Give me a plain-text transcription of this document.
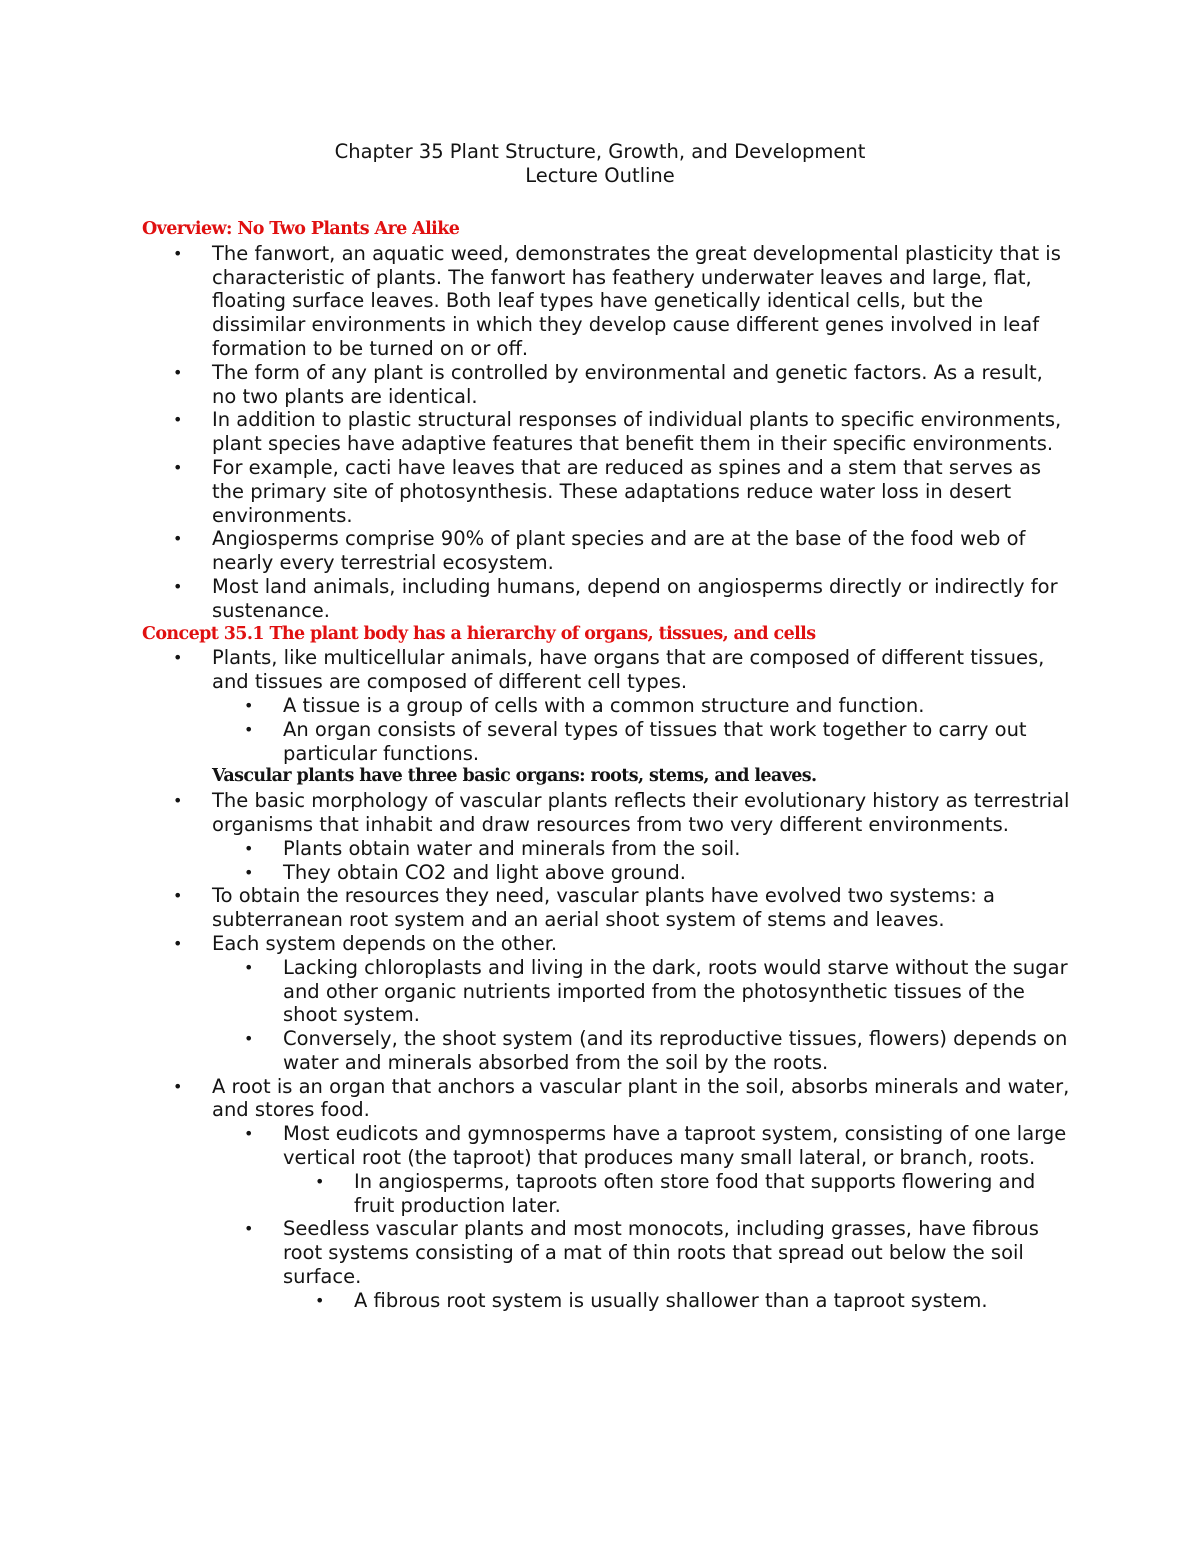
Chapter 35 Plant Structure, Growth, and Development
Lecture Outline
Overview: No Two Plants Are Alike
• The fanwort, an aquatic weed, demonstrates the great developmental plasticity that is characteristic of plants. The fanwort has feathery underwater leaves and large, flat, floating surface leaves. Both leaf types have genetically identical cells, but the dissimilar environments in which they develop cause different genes involved in leaf formation to be turned on or off.
• The form of any plant is controlled by environmental and genetic factors. As a result, no two plants are identical.
• In addition to plastic structural responses of individual plants to specific environments, plant species have adaptive features that benefit them in their specific environments.
• For example, cacti have leaves that are reduced as spines and a stem that serves as the primary site of photosynthesis. These adaptations reduce water loss in desert environments.
• Angiosperms comprise 90% of plant species and are at the base of the food web of nearly every terrestrial ecosystem.
• Most land animals, including humans, depend on angiosperms directly or indirectly for sustenance.
Concept 35.1 The plant body has a hierarchy of organs, tissues, and cells
• Plants, like multicellular animals, have organs that are composed of different tissues, and tissues are composed of different cell types.
• A tissue is a group of cells with a common structure and function.
• An organ consists of several types of tissues that work together to carry out particular functions.
Vascular plants have three basic organs: roots, stems, and leaves.
• The basic morphology of vascular plants reflects their evolutionary history as terrestrial organisms that inhabit and draw resources from two very different environments.
• Plants obtain water and minerals from the soil.
• They obtain CO2 and light above ground.
• To obtain the resources they need, vascular plants have evolved two systems: a subterranean root system and an aerial shoot system of stems and leaves.
• Each system depends on the other.
• Lacking chloroplasts and living in the dark, roots would starve without the sugar and other organic nutrients imported from the photosynthetic tissues of the shoot system.
• Conversely, the shoot system (and its reproductive tissues, flowers) depends on water and minerals absorbed from the soil by the roots.
• A root is an organ that anchors a vascular plant in the soil, absorbs minerals and water, and stores food.
• Most eudicots and gymnosperms have a taproot system, consisting of one large vertical root (the taproot) that produces many small lateral, or branch, roots.
• In angiosperms, taproots often store food that supports flowering and fruit production later.
• Seedless vascular plants and most monocots, including grasses, have fibrous root systems consisting of a mat of thin roots that spread out below the soil surface.
• A fibrous root system is usually shallower than a taproot system.
